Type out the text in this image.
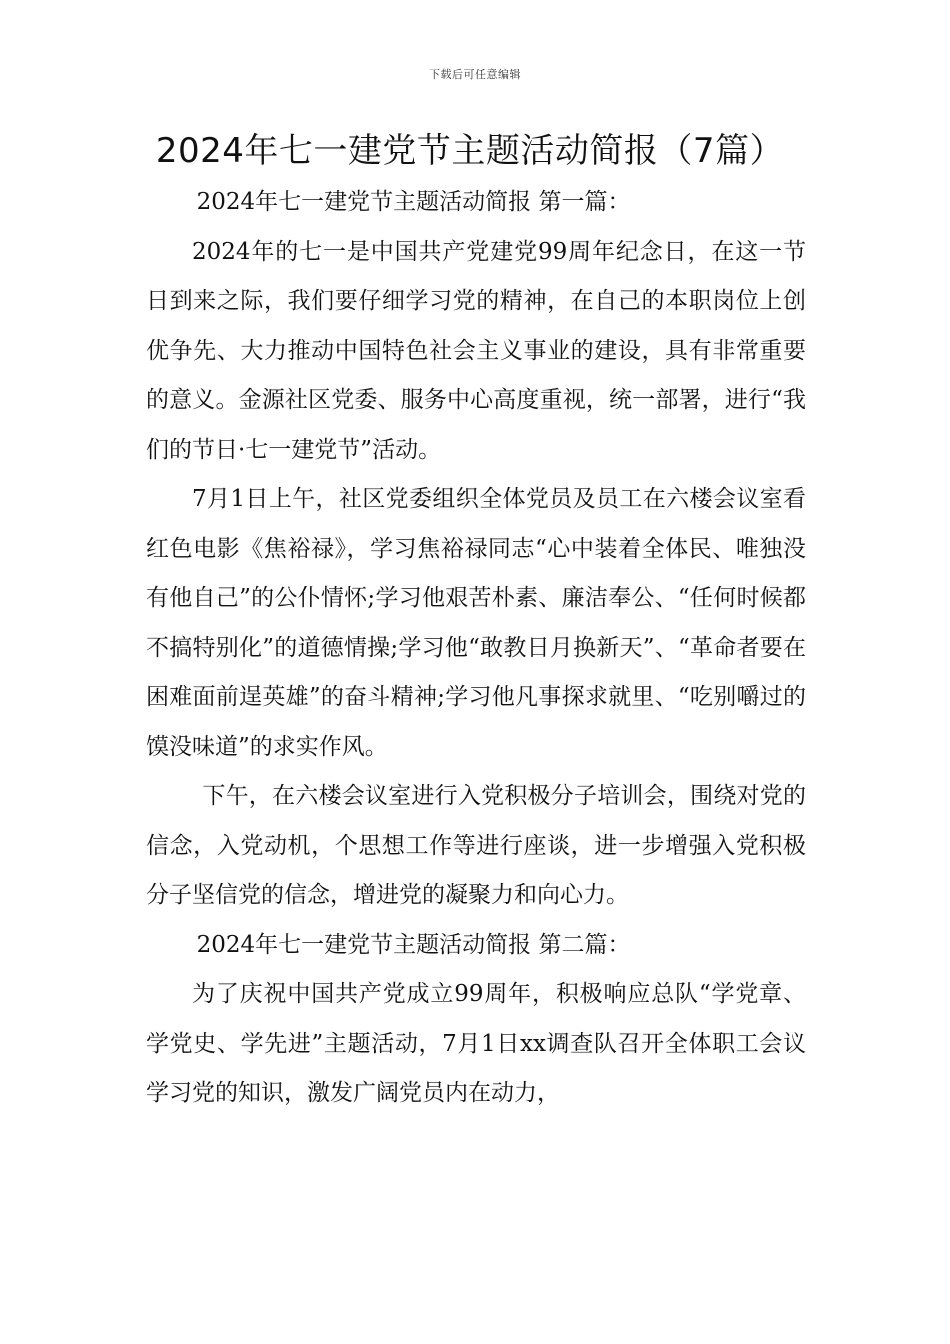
下载后可任意编辑
2024年七一建党节主题活动简报（7篇）

2024年七一建党节主题活动简报 第一篇：

2024年的七一是中国共产党建党99周年纪念日，在这一节日到来之际，我们要仔细学习党的精神，在自己的本职岗位上创优争先、大力推动中国特色社会主义事业的建设，具有非常重要的意义。金源社区党委、服务中心高度重视，统一部署，进行“我们的节日·七一建党节”活动。

7月1日上午，社区党委组织全体党员及员工在六楼会议室看红色电影《焦裕禄》，学习焦裕禄同志“心中装着全体民、唯独没有他自己”的公仆情怀;学习他艰苦朴素、廉洁奉公、“任何时候都不搞特别化”的道德情操;学习他“敢教日月换新天”、“革命者要在困难面前逞英雄”的奋斗精神;学习他凡事探求就里、“吃别嚼过的馍没味道”的求实作风。

下午，在六楼会议室进行入党积极分子培训会，围绕对党的信念，入党动机，个思想工作等进行座谈，进一步增强入党积极分子坚信党的信念，增进党的凝聚力和向心力。

2024年七一建党节主题活动简报 第二篇：

为了庆祝中国共产党成立99周年，积极响应总队“学党章、学党史、学先进”主题活动，7月1日xx调查队召开全体职工会议学习党的知识，激发广阔党员内在动力，
